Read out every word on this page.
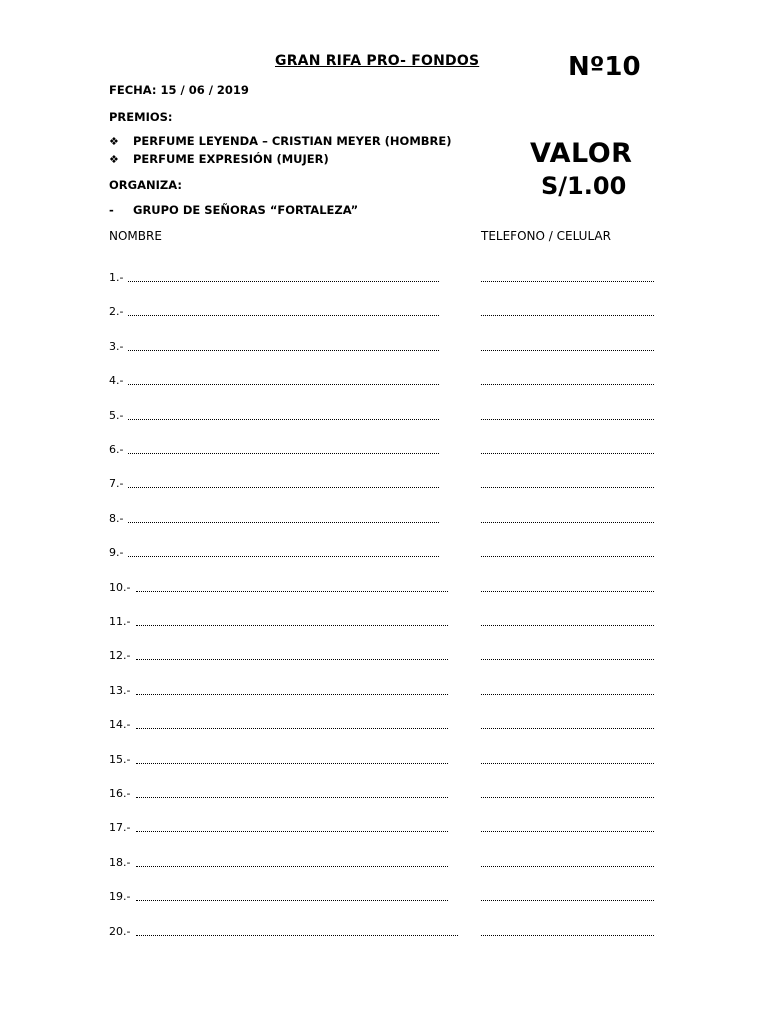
GRAN RIFA PRO- FONDOS	Nº10
FECHA: 15 / 06 / 2019
PREMIOS:
❖ PERFUME LEYENDA – CRISTIAN MEYER (HOMBRE)
❖ PERFUME EXPRESIÓN (MUJER)	VALOR
S/1.00
ORGANIZA:
- GRUPO DE SEÑORAS “FORTALEZA”
NOMBRE	TELEFONO / CELULAR
1.-
2.-
3.-
4.-
5.-
6.-
7.-
8.-
9.-
10.-
11.-
12.-
13.-
14.-
15.-
16.-
17.-
18.-
19.-
20.-
